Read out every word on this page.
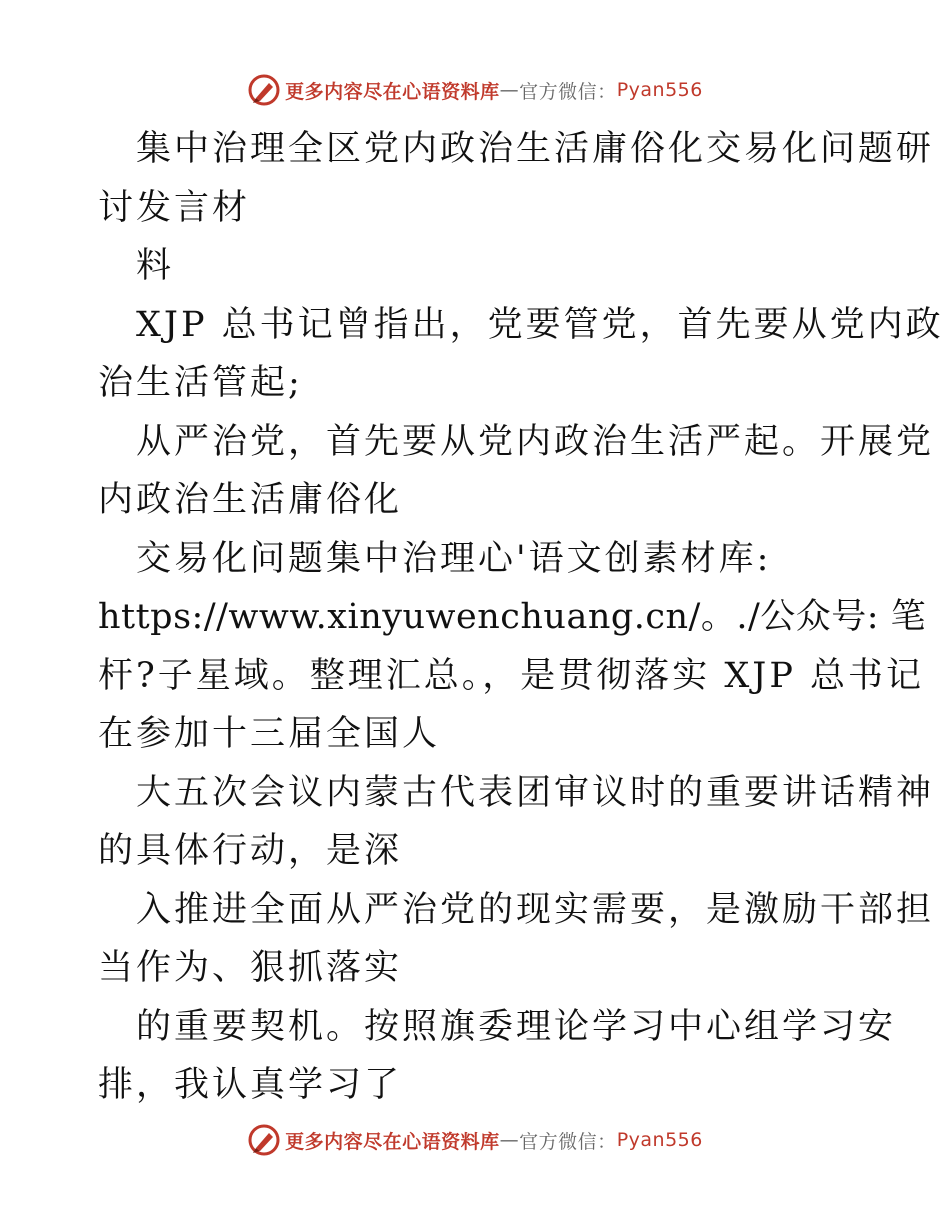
更多内容尽在心语资料库 — 官方微信： Pyan556
集中治理全区党内政治生活庸俗化交易化问题研
讨发言材
料
XJP 总书记曾指出，党要管党，首先要从党内政
治生活管起;
从严治党，首先要从党内政治生活严起。开展党
内政治生活庸俗化
交易化问题集中治理心'语文创素材库:
https://www.xinyuwenchuang.cn/。./公众号: 笔
杆?子星域。整理汇总。，是贯彻落实 XJP 总书记
在参加十三届全国人
大五次会议内蒙古代表团审议时的重要讲话精神
的具体行动，是深
入推进全面从严治党的现实需要，是激励干部担
当作为、狠抓落实
的重要契机。按照旗委理论学习中心组学习安
排，我认真学习了
更多内容尽在心语资料库 — 官方微信： Pyan556
